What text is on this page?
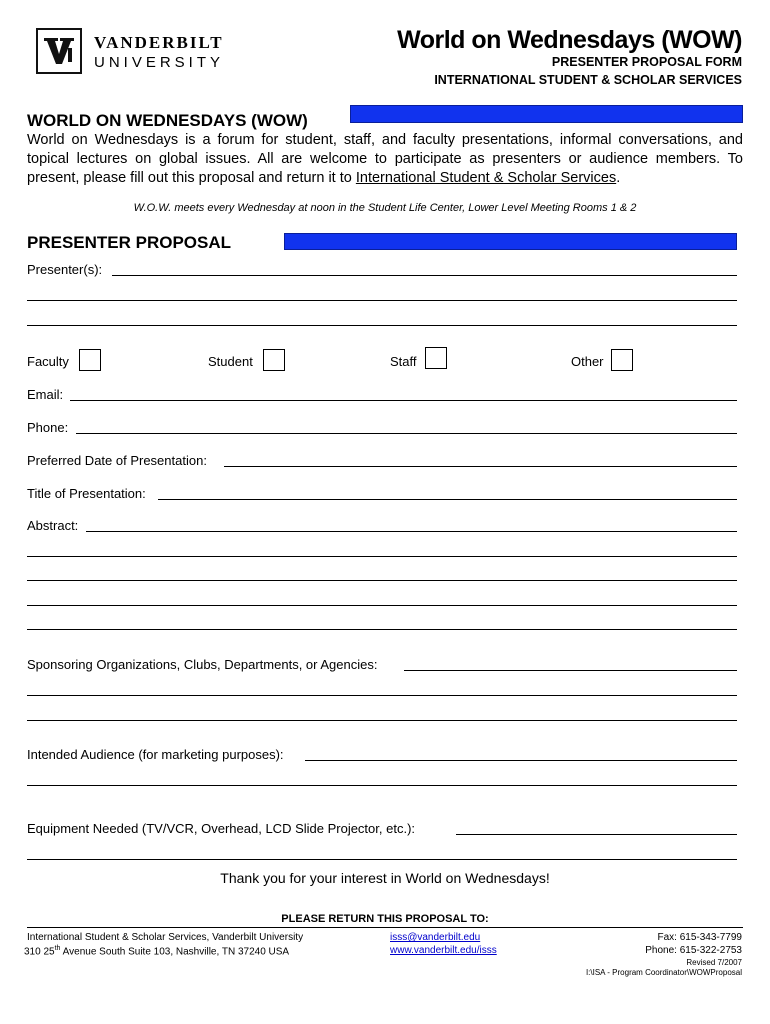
VANDERBILT
UNIVERSITY
World on Wednesdays (WOW)
PRESENTER PROPOSAL FORM
INTERNATIONAL STUDENT & SCHOLAR SERVICES
WORLD ON WEDNESDAYS (WOW)
World on Wednesdays is a forum for student, staff, and faculty presentations, informal conversations, and topical lectures on global issues. All are welcome to participate as presenters or audience members. To present, please fill out this proposal and return it to International Student & Scholar Services.
W.O.W. meets every Wednesday at noon in the Student Life Center, Lower Level Meeting Rooms 1 & 2
PRESENTER PROPOSAL
Presenter(s):
Faculty	Student	Staff	Other
Email:
Phone:
Preferred Date of Presentation:
Title of Presentation:
Abstract:
Sponsoring Organizations, Clubs, Departments, or Agencies:
Intended Audience (for marketing purposes):
Equipment Needed (TV/VCR, Overhead, LCD Slide Projector, etc.):
Thank you for your interest in World on Wednesdays!
PLEASE RETURN THIS PROPOSAL TO:
International Student & Scholar Services, Vanderbilt University
310 25th Avenue South Suite 103, Nashville, TN 37240 USA
isss@vanderbilt.edu
www.vanderbilt.edu/isss
Fax: 615-343-7799
Phone: 615-322-2753
Revised 7/2007
I:\ISA - Program Coordinator\WOWProposal
